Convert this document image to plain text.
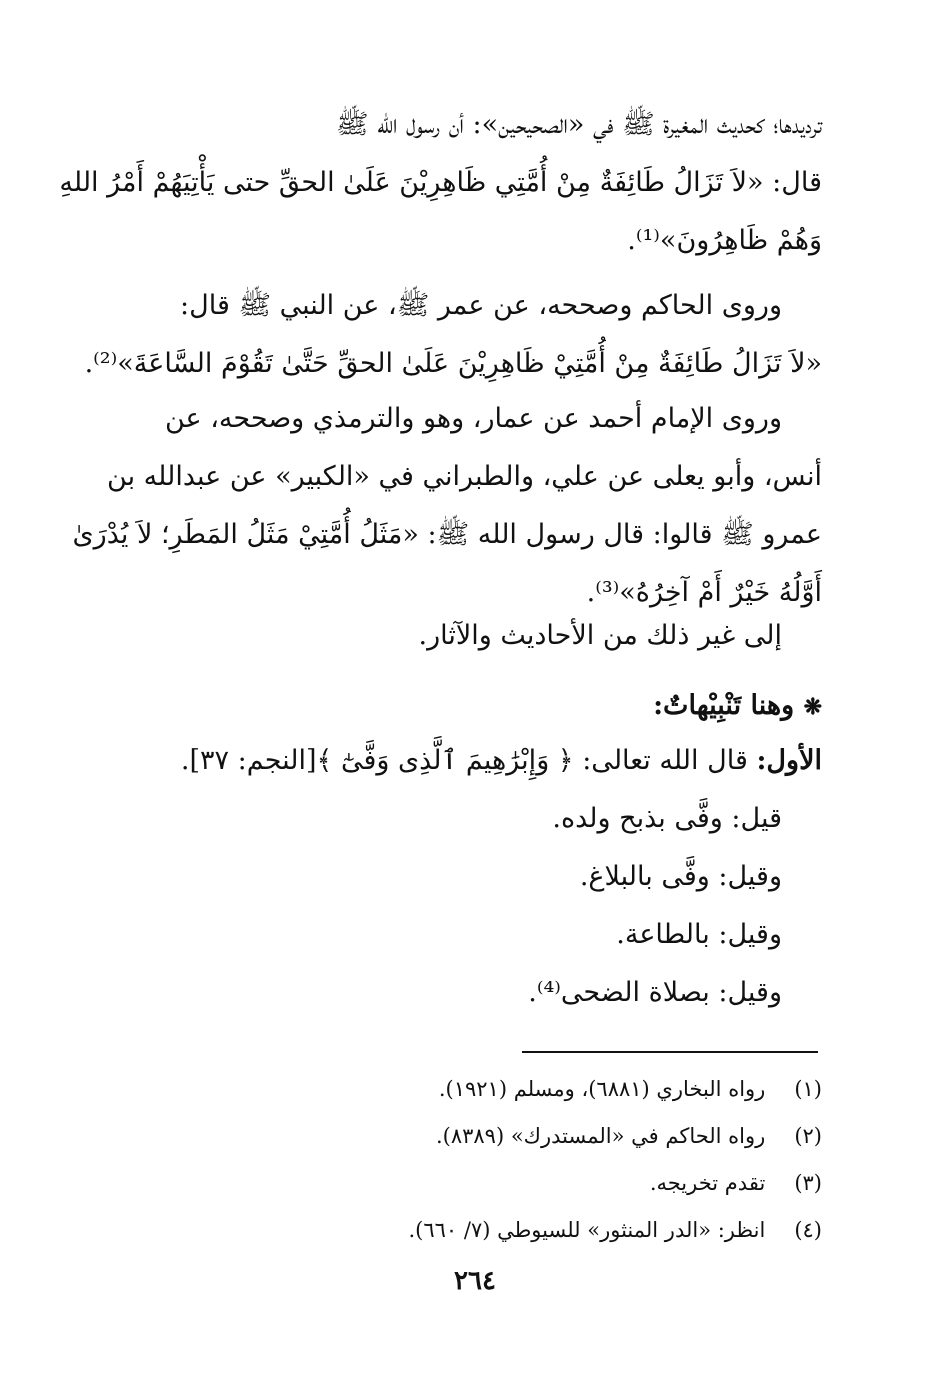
ترديدها؛ كحديث المغيرة ﷺ في «الصحيحين»: أن رسول الله ﷺ
قال: «لاَ تَزَالُ طَائِفَةٌ مِنْ أُمَّتِي ظَاهِرِيْنَ عَلَىٰ الحقِّ حتى يَأْتِيَهُمْ أَمْرُ اللهِ
وَهُمْ ظَاهِرُونَ»⁽¹⁾.
وروى الحاكم وصححه، عن عمر ﷺ، عن النبي ﷺ قال:
«لاَ تَزَالُ طَائِفَةٌ مِنْ أُمَّتِيْ ظَاهِرِيْنَ عَلَىٰ الحقِّ حَتَّىٰ تَقُوْمَ السَّاعَةَ»⁽²⁾.
وروى الإمام أحمد عن عمار، وهو والترمذي وصححه، عن
أنس، وأبو يعلى عن علي، والطبراني في «الكبير» عن عبدالله بن
عمرو ﷺ قالوا: قال رسول الله ﷺ: «مَثَلُ أُمَّتِيْ مَثَلُ المَطَرِ؛ لاَ يُدْرَىٰ
أَوَّلُهُ خَيْرٌ أَمْ آخِرُهُ»⁽³⁾.
إلى غير ذلك من الأحاديث والآثار.
❋ وهنا تَنْبِيْهاتٌ:
الأول: قال الله تعالى: ﴿ وَإِبْرَٰهِيمَ ٱلَّذِى وَفَّىٰٓ ﴾[النجم: ٣٧].
قيل: وفَّى بذبح ولده.
وقيل: وفَّى بالبلاغ.
وقيل: بالطاعة.
وقيل: بصلاة الضحى⁽⁴⁾.
(١) رواه البخاري (٦٨٨١)، ومسلم (١٩٢١).
(٢) رواه الحاكم في «المستدرك» (٨٣٨٩).
(٣) تقدم تخريجه.
(٤) انظر: «الدر المنثور» للسيوطي (٧/ ٦٦٠).
٢٦٤
